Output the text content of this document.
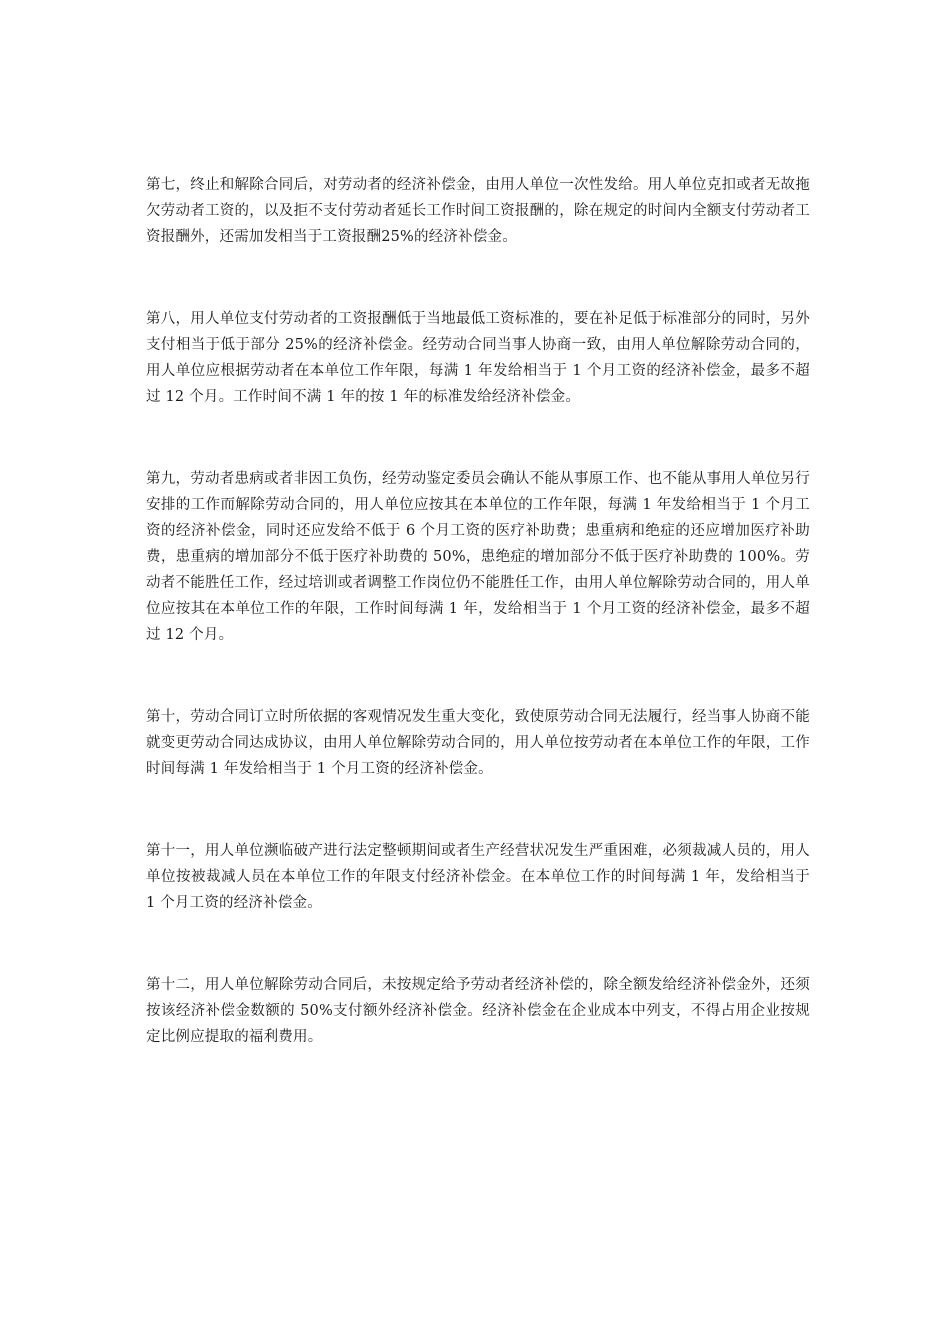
第七，终止和解除合同后，对劳动者的经济补偿金，由用人单位一次性发给。用人单位克扣或者无故拖欠劳动者工资的，以及拒不支付劳动者延长工作时间工资报酬的，除在规定的时间内全额支付劳动者工资报酬外，还需加发相当于工资报酬25%的经济补偿金。

第八，用人单位支付劳动者的工资报酬低于当地最低工资标准的，要在补足低于标准部分的同时，另外支付相当于低于部分 25%的经济补偿金。经劳动合同当事人协商一致，由用人单位解除劳动合同的，用人单位应根据劳动者在本单位工作年限，每满 1 年发给相当于 1 个月工资的经济补偿金，最多不超过 12 个月。工作时间不满 1 年的按 1 年的标准发给经济补偿金。

第九，劳动者患病或者非因工负伤，经劳动鉴定委员会确认不能从事原工作、也不能从事用人单位另行安排的工作而解除劳动合同的，用人单位应按其在本单位的工作年限，每满 1 年发给相当于 1 个月工资的经济补偿金，同时还应发给不低于 6 个月工资的医疗补助费；患重病和绝症的还应增加医疗补助费，患重病的增加部分不低于医疗补助费的 50%，患绝症的增加部分不低于医疗补助费的 100%。劳动者不能胜任工作，经过培训或者调整工作岗位仍不能胜任工作，由用人单位解除劳动合同的，用人单位应按其在本单位工作的年限，工作时间每满 1 年，发给相当于 1 个月工资的经济补偿金，最多不超过 12 个月。

第十，劳动合同订立时所依据的客观情况发生重大变化，致使原劳动合同无法履行，经当事人协商不能就变更劳动合同达成协议，由用人单位解除劳动合同的，用人单位按劳动者在本单位工作的年限，工作时间每满 1 年发给相当于 1 个月工资的经济补偿金。

第十一，用人单位濒临破产进行法定整顿期间或者生产经营状况发生严重困难，必须裁减人员的，用人单位按被裁减人员在本单位工作的年限支付经济补偿金。在本单位工作的时间每满 1 年，发给相当于 1 个月工资的经济补偿金。

第十二，用人单位解除劳动合同后，未按规定给予劳动者经济补偿的，除全额发给经济补偿金外，还须按该经济补偿金数额的 50%支付额外经济补偿金。经济补偿金在企业成本中列支，不得占用企业按规定比例应提取的福利费用。
